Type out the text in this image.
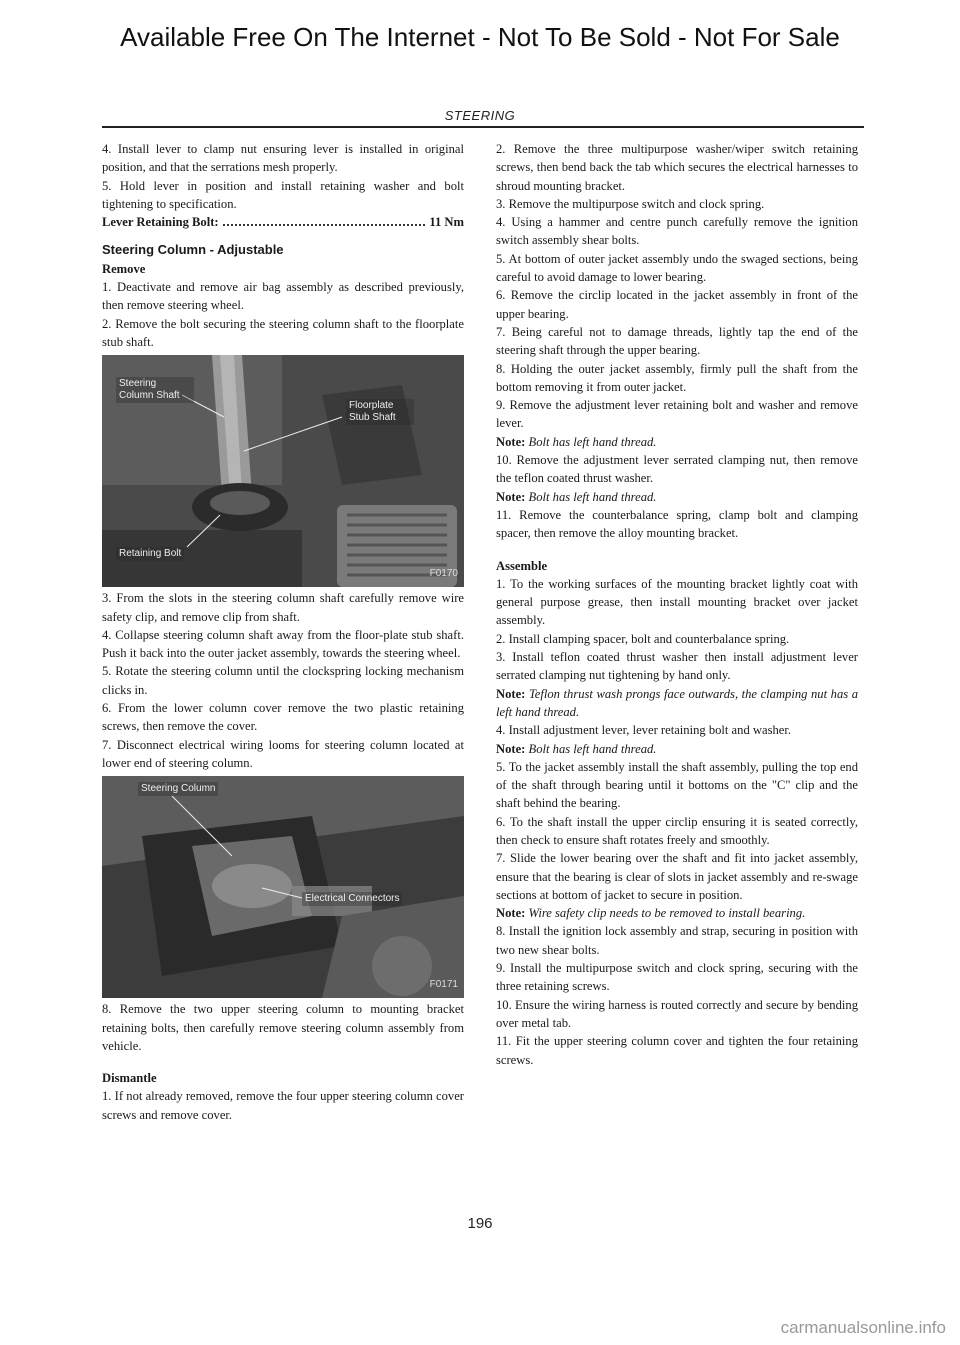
Available Free On The Internet - Not To Be Sold - Not For Sale
STEERING

4. Install lever to clamp nut ensuring lever is installed in original position, and that the serrations mesh properly.

5. Hold lever in position and install retaining washer and bolt tightening to specification.

Lever Retaining Bolt:	11 Nm
Steering Column - Adjustable
Remove

1. Deactivate and remove air bag assembly as described previously, then remove steering wheel.

2. Remove the bolt securing the steering column shaft to the floorplate stub shaft.

Steering Column Shaft
Floorplate Stub Shaft
Retaining Bolt
F0170

3. From the slots in the steering column shaft carefully remove wire safety clip, and remove clip from shaft.

4. Collapse steering column shaft away from the floor-plate stub shaft. Push it back into the outer jacket assembly, towards the steering wheel.

5. Rotate the steering column until the clockspring locking mechanism clicks in.

6. From the lower column cover remove the two plastic retaining screws, then remove the cover.

7. Disconnect electrical wiring looms for steering column located at lower end of steering column.

Steering Column
Electrical Connectors
F0171

8. Remove the two upper steering column to mounting bracket retaining bolts, then carefully remove steering column assembly from vehicle.

Dismantle

1. If not already removed, remove the four upper steering column cover screws and remove cover.

2. Remove the three multipurpose washer/wiper switch retaining screws, then bend back the tab which secures the electrical harnesses to shroud mounting bracket.

3. Remove the multipurpose switch and clock spring.

4. Using a hammer and centre punch carefully remove the ignition switch assembly shear bolts.

5. At bottom of outer jacket assembly undo the swaged sections, being careful to avoid damage to lower bearing.

6. Remove the circlip located in the jacket assembly in front of the upper bearing.

7. Being careful not to damage threads, lightly tap the end of the steering shaft through the upper bearing.

8. Holding the outer jacket assembly, firmly pull the shaft from the bottom removing it from outer jacket.

9. Remove the adjustment lever retaining bolt and washer and remove lever.

Note: Bolt has left hand thread.

10. Remove the adjustment lever serrated clamping nut, then remove the teflon coated thrust washer.

Note: Bolt has left hand thread.

11. Remove the counterbalance spring, clamp bolt and clamping spacer, then remove the alloy mounting bracket.

Assemble

1. To the working surfaces of the mounting bracket lightly coat with general purpose grease, then install mounting bracket over jacket assembly.

2. Install clamping spacer, bolt and counterbalance spring.

3. Install teflon coated thrust washer then install adjustment lever serrated clamping nut tightening by hand only.

Note: Teflon thrust wash prongs face outwards, the clamping nut has a left hand thread.

4. Install adjustment lever, lever retaining bolt and washer.

Note: Bolt has left hand thread.

5. To the jacket assembly install the shaft assembly, pulling the top end of the shaft through bearing until it bottoms on the "C" clip and the shaft behind the bearing.

6. To the shaft install the upper circlip ensuring it is seated correctly, then check to ensure shaft rotates freely and smoothly.

7. Slide the lower bearing over the shaft and fit into jacket assembly, ensure that the bearing is clear of slots in jacket assembly and re-swage sections at bottom of jacket to secure in position.

Note: Wire safety clip needs to be removed to install bearing.

8. Install the ignition lock assembly and strap, securing in position with two new shear bolts.

9. Install the multipurpose switch and clock spring, securing with the three retaining screws.

10. Ensure the wiring harness is routed correctly and secure by bending over metal tab.

11. Fit the upper steering column cover and tighten the four retaining screws.

196
carmanualsonline.info
